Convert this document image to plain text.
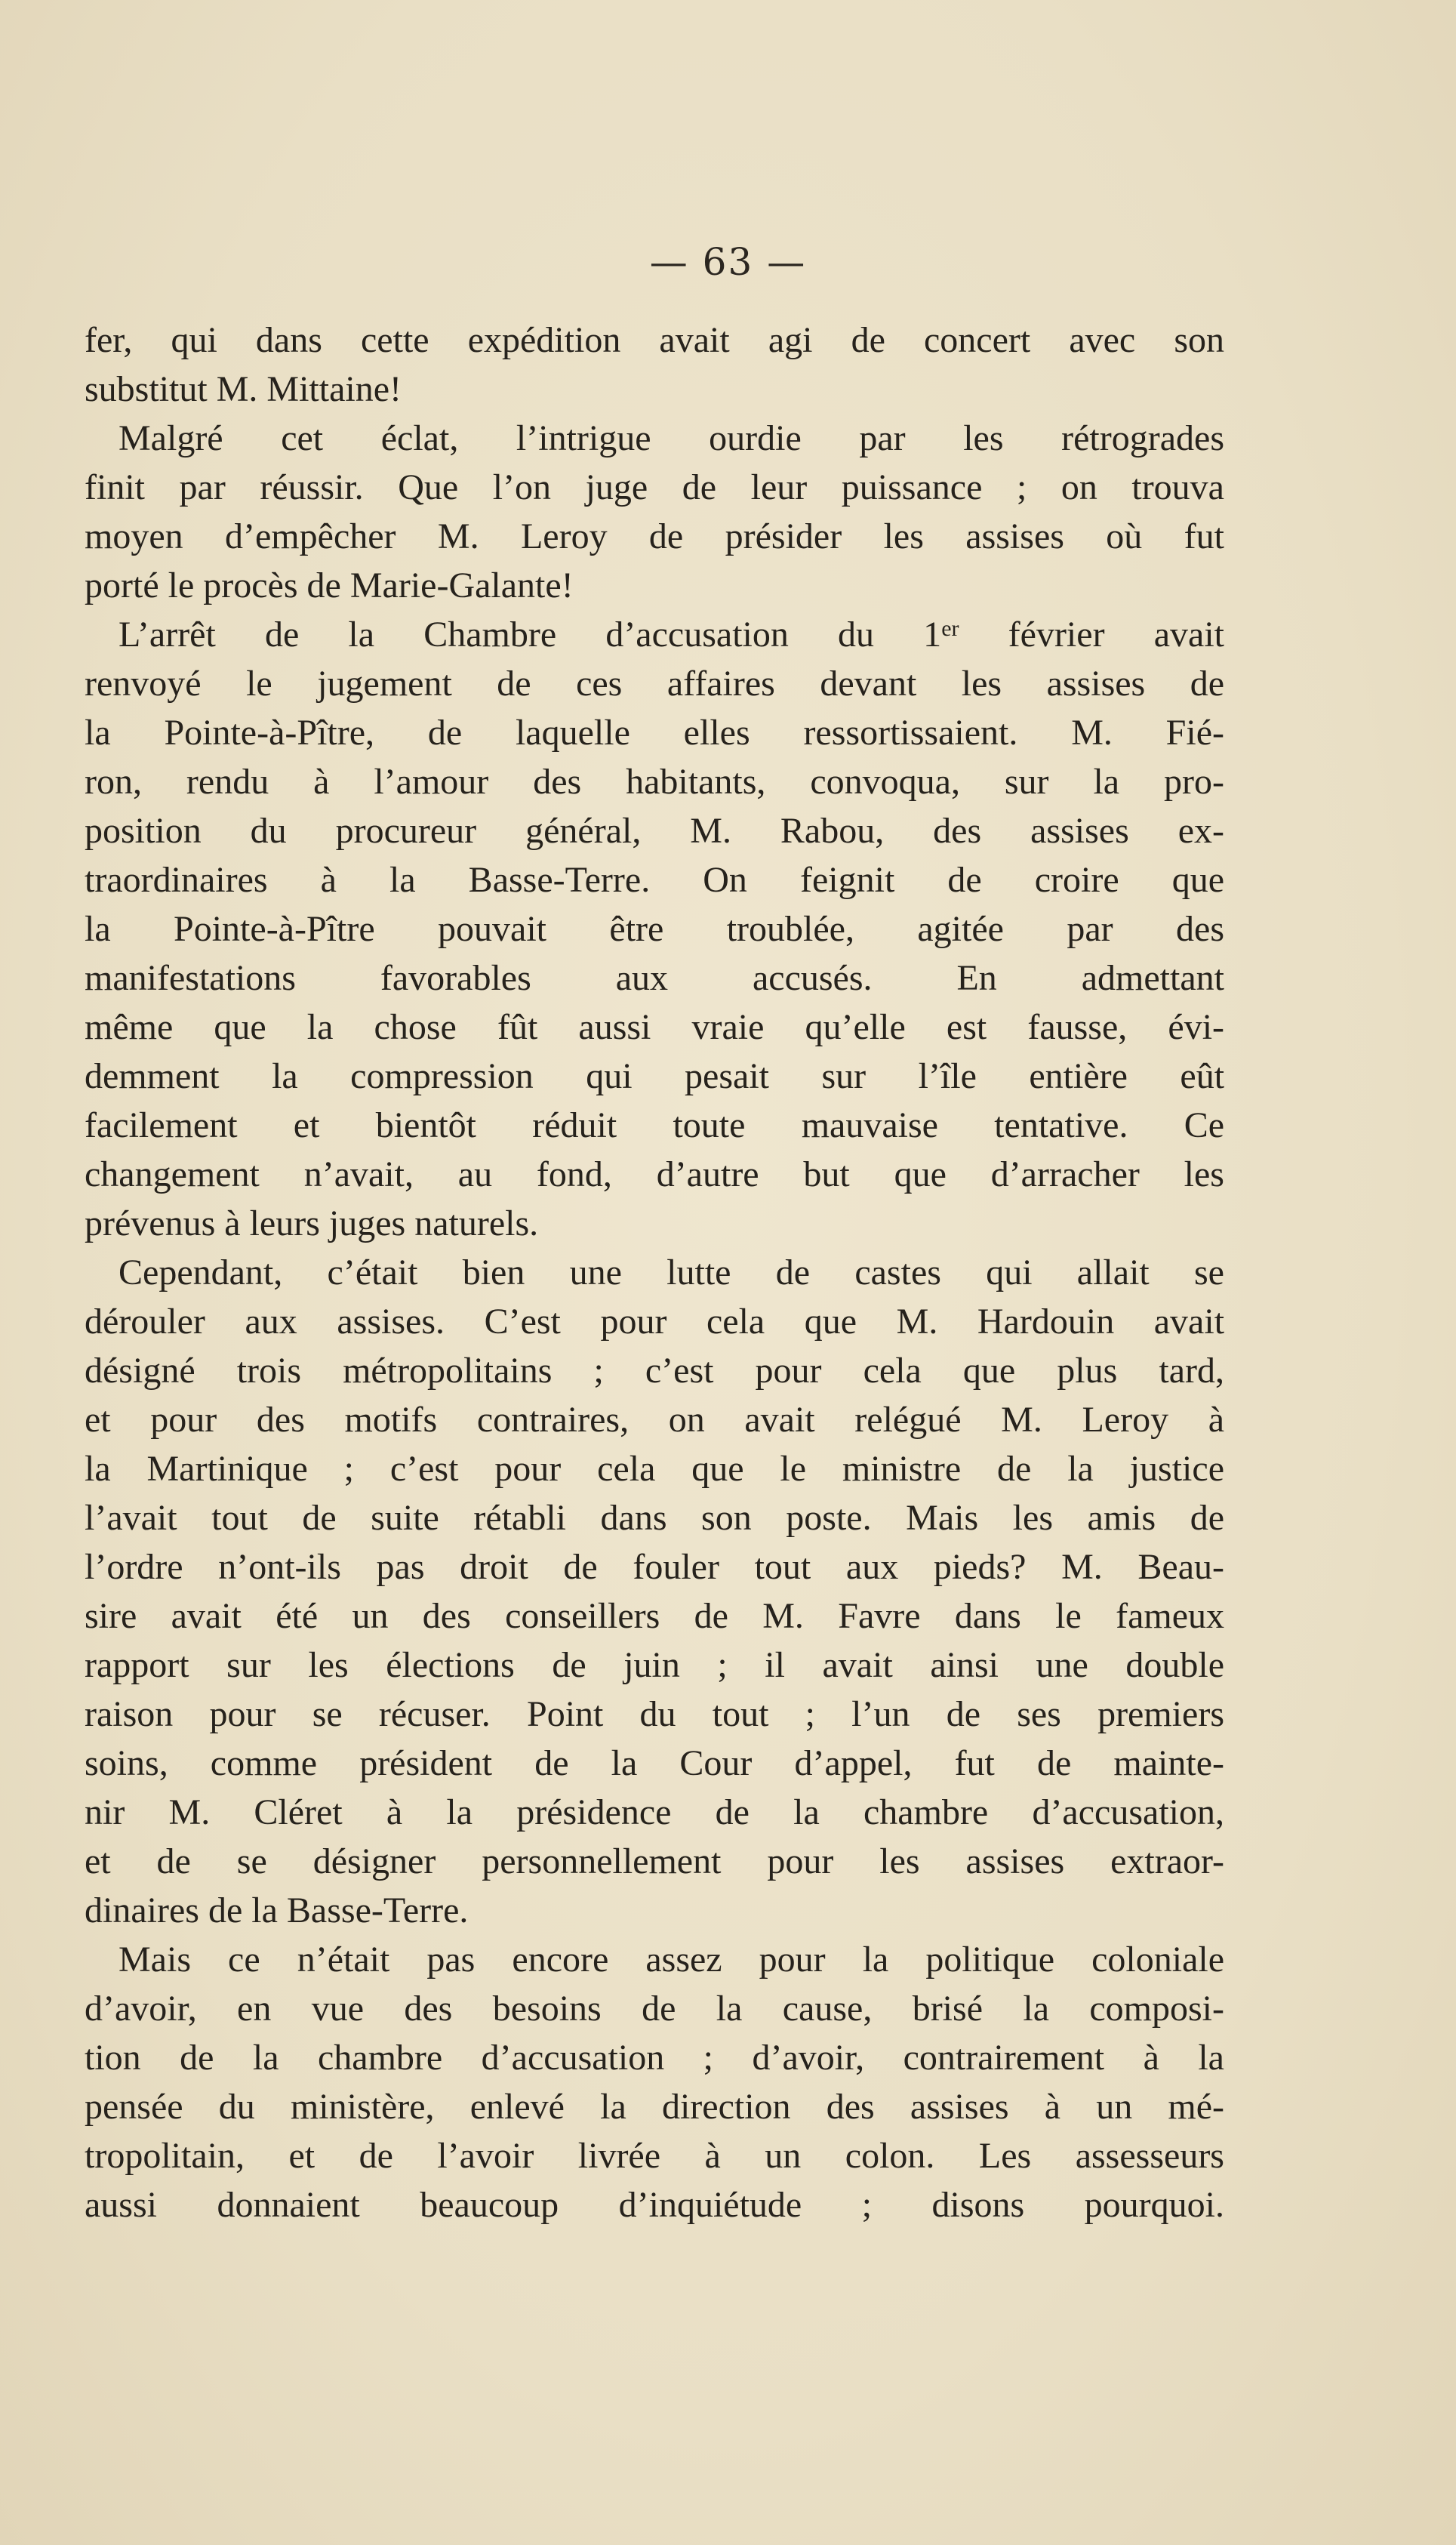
— 63 —
fer, qui dans cette expédition avait agi de concert avec son
substitut M. Mittaine!
Malgré cet éclat, l’intrigue ourdie par les rétrogrades
finit par réussir. Que l’on juge de leur puissance ; on trouva
moyen d’empêcher M. Leroy de présider les assises où fut
porté le procès de Marie-Galante!
L’arrêt de la Chambre d’accusation du 1er février avait
renvoyé le jugement de ces affaires devant les assises de
la Pointe-à-Pître, de laquelle elles ressortissaient. M. Fié-
ron, rendu à l’amour des habitants, convoqua, sur la pro-
position du procureur général, M. Rabou, des assises ex-
traordinaires à la Basse-Terre. On feignit de croire que
la Pointe-à-Pître pouvait être troublée, agitée par des
manifestations favorables aux accusés. En admettant
même que la chose fût aussi vraie qu’elle est fausse, évi-
demment la compression qui pesait sur l’île entière eût
facilement et bientôt réduit toute mauvaise tentative. Ce
changement n’avait, au fond, d’autre but que d’arracher les
prévenus à leurs juges naturels.
Cependant, c’était bien une lutte de castes qui allait se
dérouler aux assises. C’est pour cela que M. Hardouin avait
désigné trois métropolitains ; c’est pour cela que plus tard,
et pour des motifs contraires, on avait relégué M. Leroy à
la Martinique ; c’est pour cela que le ministre de la justice
l’avait tout de suite rétabli dans son poste. Mais les amis de
l’ordre n’ont-ils pas droit de fouler tout aux pieds? M. Beau-
sire avait été un des conseillers de M. Favre dans le fameux
rapport sur les élections de juin ; il avait ainsi une double
raison pour se récuser. Point du tout ; l’un de ses premiers
soins, comme président de la Cour d’appel, fut de mainte-
nir M. Cléret à la présidence de la chambre d’accusation,
et de se désigner personnellement pour les assises extraor-
dinaires de la Basse-Terre.
Mais ce n’était pas encore assez pour la politique coloniale
d’avoir, en vue des besoins de la cause, brisé la composi-
tion de la chambre d’accusation ; d’avoir, contrairement à la
pensée du ministère, enlevé la direction des assises à un mé-
tropolitain, et de l’avoir livrée à un colon. Les assesseurs
aussi donnaient beaucoup d’inquiétude ; disons pourquoi.
